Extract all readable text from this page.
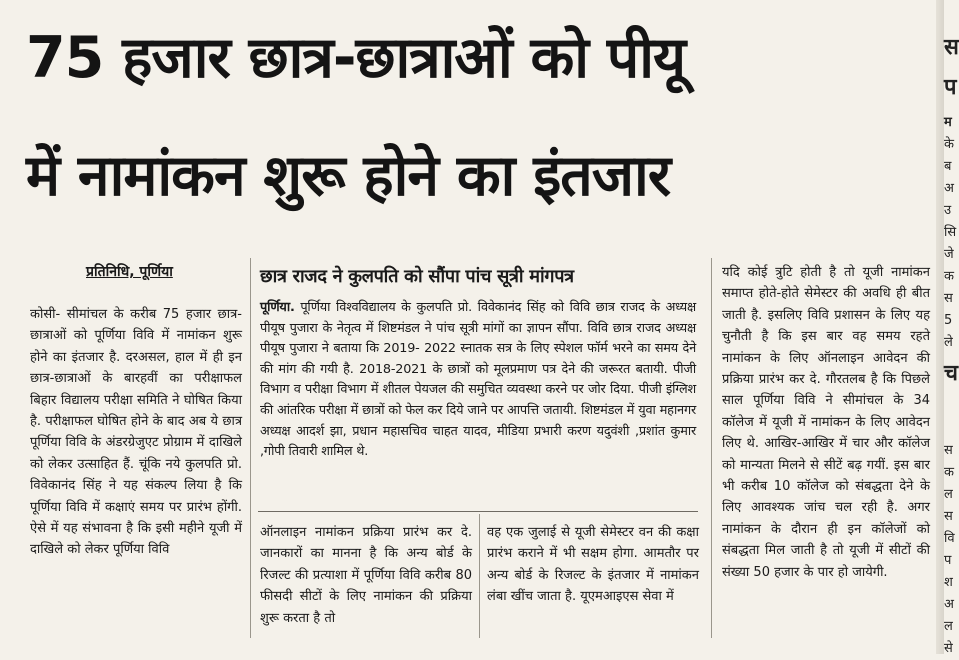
75 हजार छात्र-छात्राओं को पीयू
में नामांकन शुरू होने का इंतजार
प्रतिनिधि, पूर्णिया	छात्र राजद ने कुलपति को सौंपा पांच सूत्री मांगपत्र
कोसी- सीमांचल के करीब 75 हजार छात्र-छात्राओं को पूर्णिया विवि में नामांकन शुरू होने का इंतजार है. दरअसल, हाल में ही इन छात्र-छात्राओं के बारहवीं का परीक्षाफल बिहार विद्यालय परीक्षा समिति ने घोषित किया है. परीक्षाफल घोषित होने के बाद अब ये छात्र पूर्णिया विवि के अंडरग्रेजुएट प्रोग्राम में दाखिले को लेकर उत्साहित हैं. चूंकि नये कुलपति प्रो. विवेकानंद सिंह ने यह संकल्प लिया है कि पूर्णिया विवि में कक्षाएं समय पर प्रारंभ होंगी. ऐसे में यह संभावना है कि इसी महीने यूजी में दाखिले को लेकर पूर्णिया विवि
पूर्णिया. पूर्णिया विश्वविद्यालय के कुलपति प्रो. विवेकानंद सिंह को विवि छात्र राजद के अध्यक्ष पीयूष पुजारा के नेतृत्व में शिष्टमंडल ने पांच सूत्री मांगों का ज्ञापन सौंपा. विवि छात्र राजद अध्यक्ष पीयूष पुजारा ने बताया कि 2019- 2022 स्नातक सत्र के लिए स्पेशल फॉर्म भरने का समय देने की मांग की गयी है. 2018-2021 के छात्रों को मूलप्रमाण पत्र देने की जरूरत बतायी. पीजी विभाग व परीक्षा विभाग में शीतल पेयजल की समुचित व्यवस्था करने पर जोर दिया. पीजी इंग्लिश की आंतरिक परीक्षा में छात्रों को फेल कर दिये जाने पर आपत्ति जतायी. शिष्टमंडल में युवा महानगर अध्यक्ष आदर्श झा, प्रधान महासचिव चाहत यादव, मीडिया प्रभारी करण यदुवंशी ,प्रशांत कुमार ,गोपी तिवारी शामिल थे.
ऑनलाइन नामांकन प्रक्रिया प्रारंभ कर दे. जानकारों का मानना है कि अन्य बोर्ड के रिजल्ट की प्रत्याशा में पूर्णिया विवि करीब 80 फीसदी सीटों के लिए नामांकन की प्रक्रिया शुरू करता है तो
वह एक जुलाई से यूजी सेमेस्टर वन की कक्षा प्रारंभ कराने में भी सक्षम होगा. आमतौर पर अन्य बोर्ड के रिजल्ट के इंतजार में नामांकन लंबा खींच जाता है. यूएमआइएस सेवा में
यदि कोई त्रुटि होती है तो यूजी नामांकन समाप्त होते-होते सेमेस्टर की अवधि ही बीत जाती है. इसलिए विवि प्रशासन के लिए यह चुनौती है कि इस बार वह समय रहते नामांकन के लिए ऑनलाइन आवेदन की प्रक्रिया प्रारंभ कर दे. गौरतलब है कि पिछले साल पूर्णिया विवि ने सीमांचल के 34 कॉलेज में यूजी में नामांकन के लिए आवेदन लिए थे. आखिर-आखिर में चार और कॉलेज को मान्यता मिलने से सीटें बढ़ गयीं. इस बार भी करीब 10 कॉलेज को संबद्धता देने के लिए आवश्यक जांच चल रही है. अगर नामांकन के दौरान ही इन कॉलेजों को संबद्धता मिल जाती है तो यूजी में सीटों की संख्या 50 हजार के पार हो जायेगी.
स
प
म
के
ब
अ
उ
सि
जे
क
स
5
ले
च
स
क
ल
स
वि
प
श
अ
ल
से
